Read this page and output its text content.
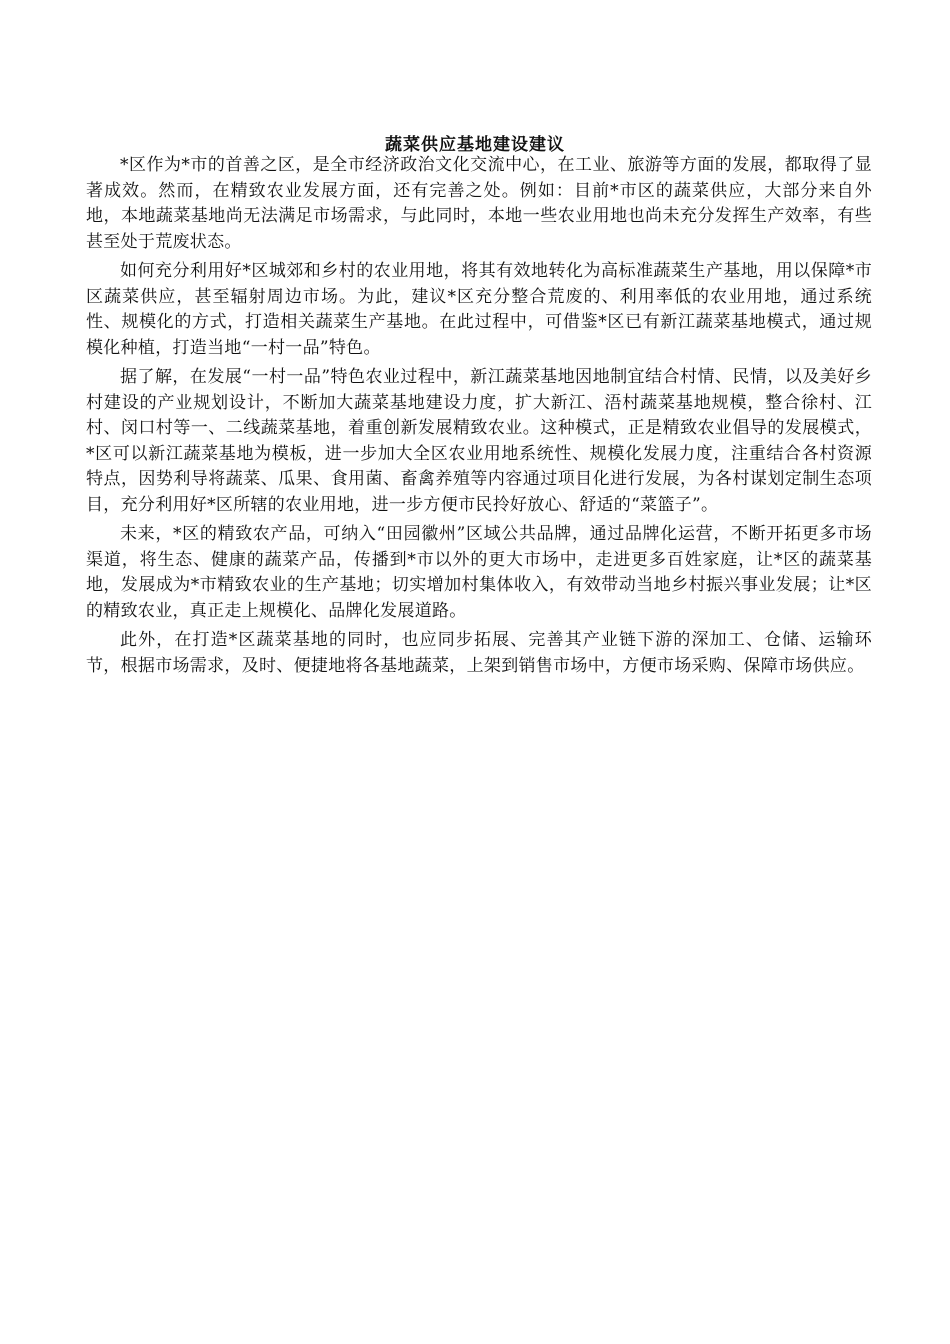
蔬菜供应基地建设建议

*区作为*市的首善之区，是全市经济政治文化交流中心，在工业、旅游等方面的发展，都取得了显著成效。然而，在精致农业发展方面，还有完善之处。例如：目前*市区的蔬菜供应，大部分来自外地，本地蔬菜基地尚无法满足市场需求，与此同时，本地一些农业用地也尚未充分发挥生产效率，有些甚至处于荒废状态。

如何充分利用好*区城郊和乡村的农业用地，将其有效地转化为高标准蔬菜生产基地，用以保障*市区蔬菜供应，甚至辐射周边市场。为此，建议*区充分整合荒废的、利用率低的农业用地，通过系统性、规模化的方式，打造相关蔬菜生产基地。在此过程中，可借鉴*区已有新江蔬菜基地模式，通过规模化种植，打造当地“一村一品”特色。

据了解，在发展“一村一品”特色农业过程中，新江蔬菜基地因地制宜结合村情、民情，以及美好乡村建设的产业规划设计，不断加大蔬菜基地建设力度，扩大新江、浯村蔬菜基地规模，整合徐村、江村、闵口村等一、二线蔬菜基地，着重创新发展精致农业。这种模式，正是精致农业倡导的发展模式，*区可以新江蔬菜基地为模板，进一步加大全区农业用地系统性、规模化发展力度，注重结合各村资源特点，因势利导将蔬菜、瓜果、食用菌、畜禽养殖等内容通过项目化进行发展，为各村谋划定制生态项目，充分利用好*区所辖的农业用地，进一步方便市民拎好放心、舒适的“菜篮子”。

未来，*区的精致农产品，可纳入“田园徽州”区域公共品牌，通过品牌化运营，不断开拓更多市场渠道，将生态、健康的蔬菜产品，传播到*市以外的更大市场中，走进更多百姓家庭，让*区的蔬菜基地，发展成为*市精致农业的生产基地；切实增加村集体收入，有效带动当地乡村振兴事业发展；让*区的精致农业，真正走上规模化、品牌化发展道路。

此外，在打造*区蔬菜基地的同时，也应同步拓展、完善其产业链下游的深加工、仓储、运输环节，根据市场需求，及时、便捷地将各基地蔬菜，上架到销售市场中，方便市场采购、保障市场供应。
